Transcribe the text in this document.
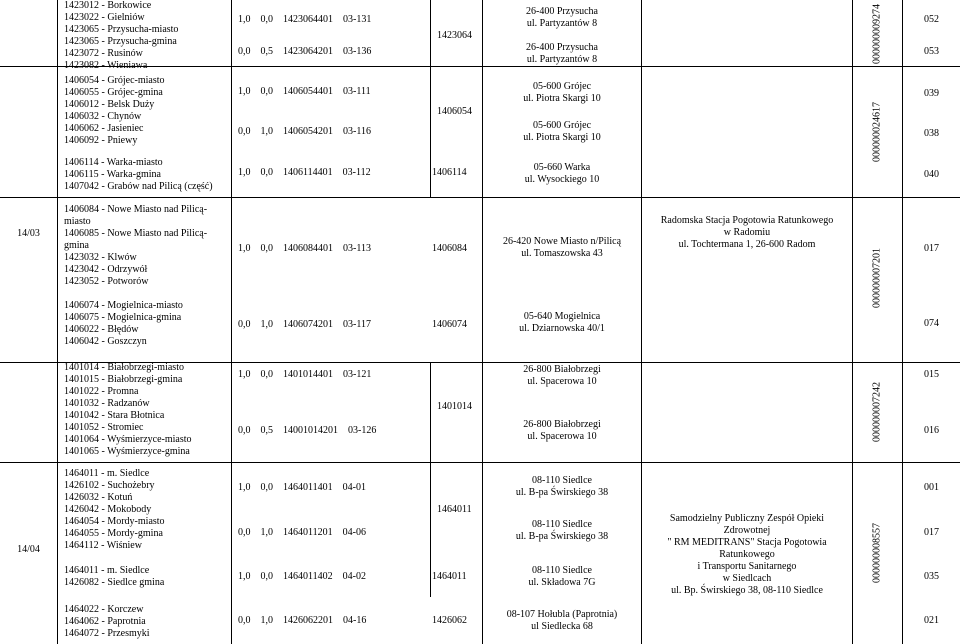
14/03
14/04
1423012 - Borkowice
1423022 - Gielniów
1423065 - Przysucha-miasto
1423065 - Przysucha-gmina
1423072 - Rusinów
1423082 - Wieniawa
1406054 - Grójec-miasto
1406055 - Grójec-gmina
1406012 - Belsk Duży
1406032 - Chynów
1406062 - Jasieniec
1406092 - Pniewy
1406114 - Warka-miasto
1406115 - Warka-gmina
1407042 - Grabów nad Pilicą (część)
1406084 - Nowe Miasto nad Pilicą-
miasto
1406085 - Nowe Miasto nad Pilicą-
gmina
1423032 - Klwów
1423042 - Odrzywół
1423052 - Potworów
1406074 - Mogielnica-miasto
1406075 - Mogielnica-gmina
1406022 - Błędów
1406042 - Goszczyn
1401014 - Białobrzegi-miasto
1401015 - Białobrzegi-gmina
1401022 - Promna
1401032 - Radzanów
1401042 - Stara Błotnica
1401052 - Stromiec
1401064 - Wyśmierzyce-miasto
1401065 - Wyśmierzyce-gmina
1464011 - m. Siedlce
1426102 - Suchożebry
1426032 - Kotuń
1426042 - Mokobody
1464054 - Mordy-miasto
1464055 - Mordy-gmina
1464112 - Wiśniew
1464011 - m. Siedlce
1426082 - Siedlce gmina
1464022 - Korczew
1464062 - Paprotnia
1464072 - Przesmyki
1,0 0,0 1423064401 03-131
0,0 0,5 1423064201 03-136
1,0 0,0 1406054401 03-111
0,0 1,0 1406054201 03-116
1,0 0,0 1406114401 03-112
1,0 0,0 1406084401 03-113
0,0 1,0 1406074201 03-117
1,0 0,0 1401014401 03-121
0,0 0,5 14001014201 03-126
1,0 0,0 1464011401 04-01
0,0 1,0 1464011201 04-06
1,0 0,0 1464011402 04-02
0,0 1,0 1426062201 04-16
1423064
1406054
1406114
1406084
1406074
1401014
1464011
1464011
1426062
26-400 Przysucha
ul. Partyzantów 8
26-400 Przysucha
ul. Partyzantów 8
05-600 Grójec
ul. Piotra Skargi 10
05-600 Grójec
ul. Piotra Skargi 10
05-660 Warka
ul. Wysockiego 10
26-420 Nowe Miasto n/Pilicą
ul. Tomaszowska 43
05-640 Mogielnica
ul. Dziarnowska 40/1
26-800 Białobrzegi
ul. Spacerowa 10
26-800 Białobrzegi
ul. Spacerowa 10
08-110 Siedlce
ul. B-pa Świrskiego 38
08-110 Siedlce
ul. B-pa Świrskiego 38
08-110 Siedlce
ul. Składowa 7G
08-107 Hołubla (Paprotnia)
ul Siedlecka 68
Radomska Stacja Pogotowia Ratunkowego
w Radomiu
ul. Tochtermana 1, 26-600 Radom
Samodzielny Publiczny Zespół Opieki
Zdrowotnej
" RM MEDITRANS" Stacja Pogotowia
Ratunkowego
i Transportu Sanitarnego
w Siedlcach
ul. Bp. Świrskiego 38, 08-110 Siedlce
000000009274
000000024617
000000007201
000000007242
000000008557
052
053
039
038
040
017
074
015
016
001
017
035
021
